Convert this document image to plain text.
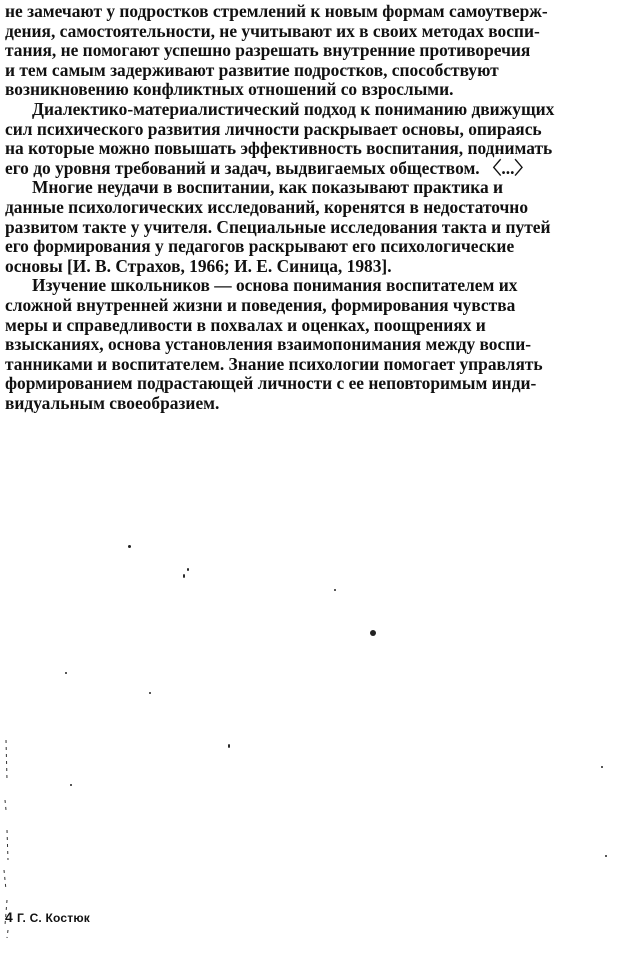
не замечают у подростков стремлений к новым формам самоутверж-
дения, самостоятельности, не учитывают их в своих методах воспи-
тания, не помогают успешно разрешать внутренние противоречия
и тем самым задерживают развитие подростков, способствуют
возникновению конфликтных отношений со взрослыми.

Диалектико-материалистический подход к пониманию движущих
сил психического развития личности раскрывает основы, опираясь
на которые можно повышать эффективность воспитания, поднимать
его до уровня требований и задач, выдвигаемых обществом. 〈...〉

Многие неудачи в воспитании, как показывают практика и
данные психологических исследований, коренятся в недостаточно
развитом такте у учителя. Специальные исследования такта и путей
его формирования у педагогов раскрывают его психологические
основы [И. В. Страхов, 1966; И. Е. Синица, 1983].

Изучение школьников — основа понимания воспитателем их
сложной внутренней жизни и поведения, формирования чувства
меры и справедливости в похвалах и оценках, поощрениях и
взысканиях, основа установления взаимопонимания между воспи-
танниками и воспитателем. Знание психологии помогает управлять
формированием подрастающей личности с ее неповторимым инди-
видуальным своеобразием.

4 Г. С. Костюк
